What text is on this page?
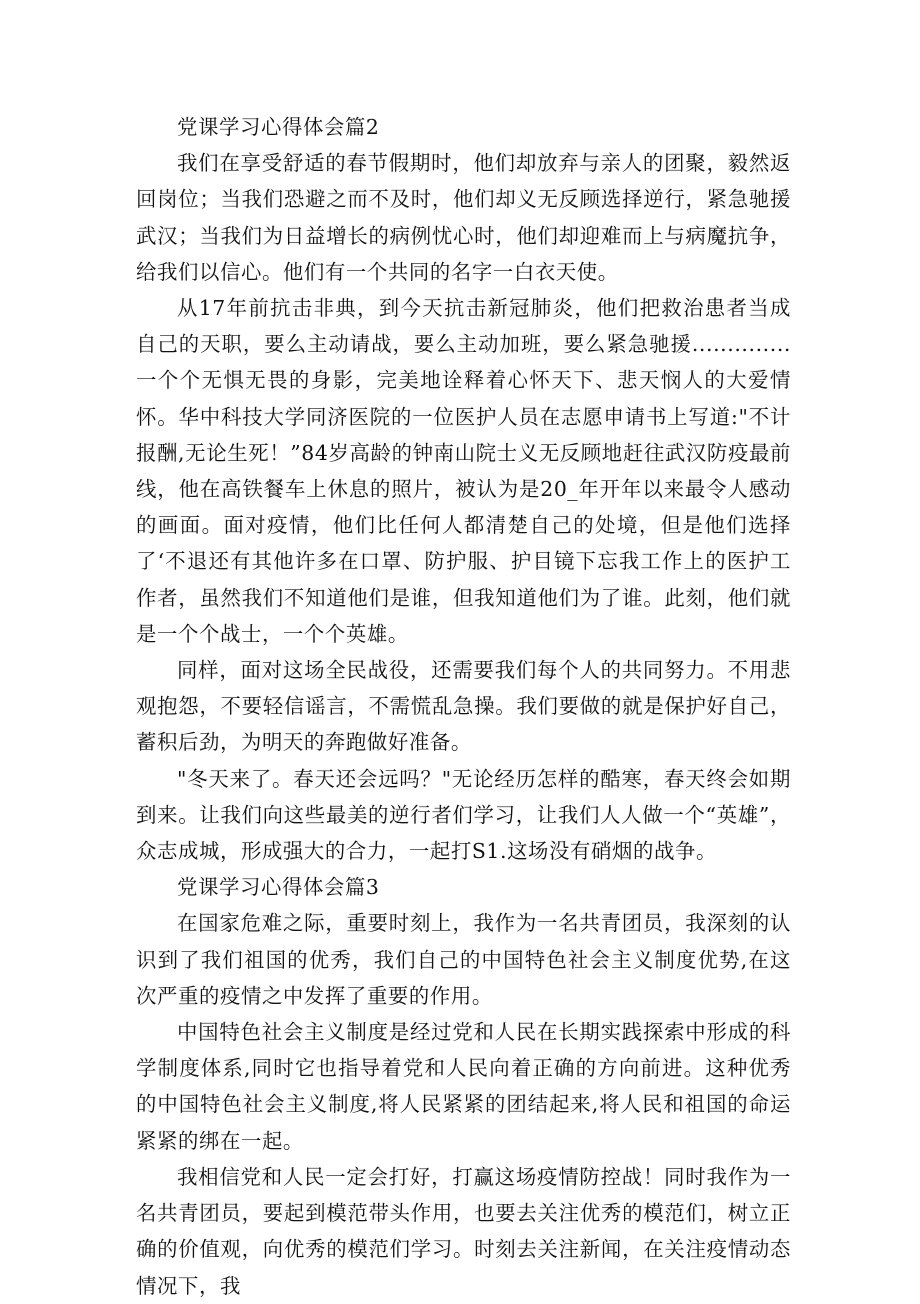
党课学习心得体会篇2

我们在享受舒适的春节假期时，他们却放弃与亲人的团聚，毅然返回岗位；当我们恐避之而不及时，他们却义无反顾选择逆行，紧急驰援武汉；当我们为日益增长的病例忧心时，他们却迎难而上与病魔抗争，给我们以信心。他们有一个共同的名字一白衣天使。

从17年前抗击非典，到今天抗击新冠肺炎，他们把救治患者当成自己的天职，要么主动请战，要么主动加班，要么紧急驰援..............一个个无惧无畏的身影，完美地诠释着心怀天下、悲天悯人的大爱情怀。华中科技大学同济医院的一位医护人员在志愿申请书上写道:"不计报酬,无论生死！”84岁高龄的钟南山院士义无反顾地赶往武汉防疫最前线，他在高铁餐车上休息的照片，被认为是20_年开年以来最令人感动的画面。面对疫情，他们比任何人都清楚自己的处境，但是他们选择了‘不退还有其他许多在口罩、防护服、护目镜下忘我工作上的医护工作者，虽然我们不知道他们是谁，但我知道他们为了谁。此刻，他们就是一个个战士，一个个英雄。

同样，面对这场全民战役，还需要我们每个人的共同努力。不用悲观抱怨，不要轻信谣言，不需慌乱急操。我们要做的就是保护好自己，蓄积后劲，为明天的奔跑做好准备。

"冬天来了。春天还会远吗？"无论经历怎样的酷寒，春天终会如期到来。让我们向这些最美的逆行者们学习，让我们人人做一个“英雄”，众志成城，形成强大的合力，一起打S1.这场没有硝烟的战争。

党课学习心得体会篇3

在国家危难之际，重要时刻上，我作为一名共青团员，我深刻的认识到了我们祖国的优秀，我们自己的中国特色社会主义制度优势,在这次严重的疫情之中发挥了重要的作用。

中国特色社会主义制度是经过党和人民在长期实践探索中形成的科学制度体系,同时它也指导着党和人民向着正确的方向前进。这种优秀的中国特色社会主义制度,将人民紧紧的团结起来,将人民和祖国的命运紧紧的绑在一起。

我相信党和人民一定会打好，打赢这场疫情防控战！同时我作为一名共青团员，要起到模范带头作用，也要去关注优秀的模范们，树立正确的价值观，向优秀的模范们学习。时刻去关注新闻，在关注疫情动态情况下，我
